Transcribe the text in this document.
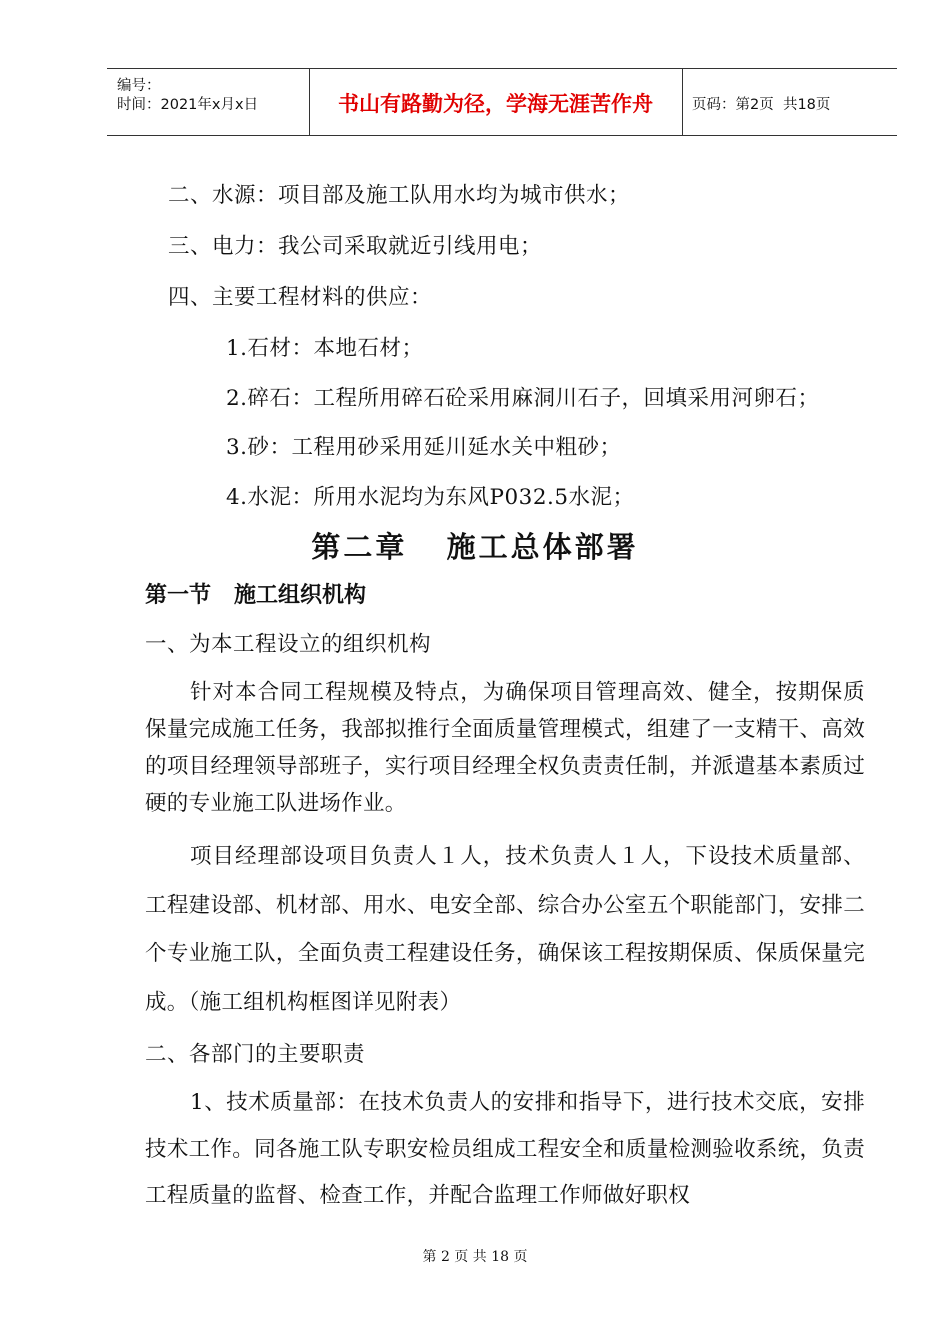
编号：
时间：2021年x月x日	书山有路勤为径，学海无涯苦作舟	页码：第2页  共18页
二、水源：项目部及施工队用水均为城市供水；
三、电力：我公司采取就近引线用电；
四、主要工程材料的供应：
1.石材：本地石材；
2.碎石：工程所用碎石砼采用麻洞川石子，回填采用河卵石；
3.砂：工程用砂采用延川延水关中粗砂；
4.水泥：所用水泥均为东风P032.5水泥；
第二章   施工总体部署
第一节   施工组织机构
一、为本工程设立的组织机构
针对本合同工程规模及特点，为确保项目管理高效、健全，按期保质保量完成施工任务，我部拟推行全面质量管理模式，组建了一支精干、高效的项目经理领导部班子，实行项目经理全权负责责任制，并派遣基本素质过硬的专业施工队进场作业。
项目经理部设项目负责人１人，技术负责人１人，下设技术质量部、工程建设部、机材部、用水、电安全部、综合办公室五个职能部门，安排二个专业施工队，全面负责工程建设任务，确保该工程按期保质、保质保量完成。（施工组机构框图详见附表）
二、各部门的主要职责
1、技术质量部：在技术负责人的安排和指导下，进行技术交底，安排技术工作。同各施工队专职安检员组成工程安全和质量检测验收系统，负责工程质量的监督、检查工作，并配合监理工作师做好职权
第 2 页 共 18 页
